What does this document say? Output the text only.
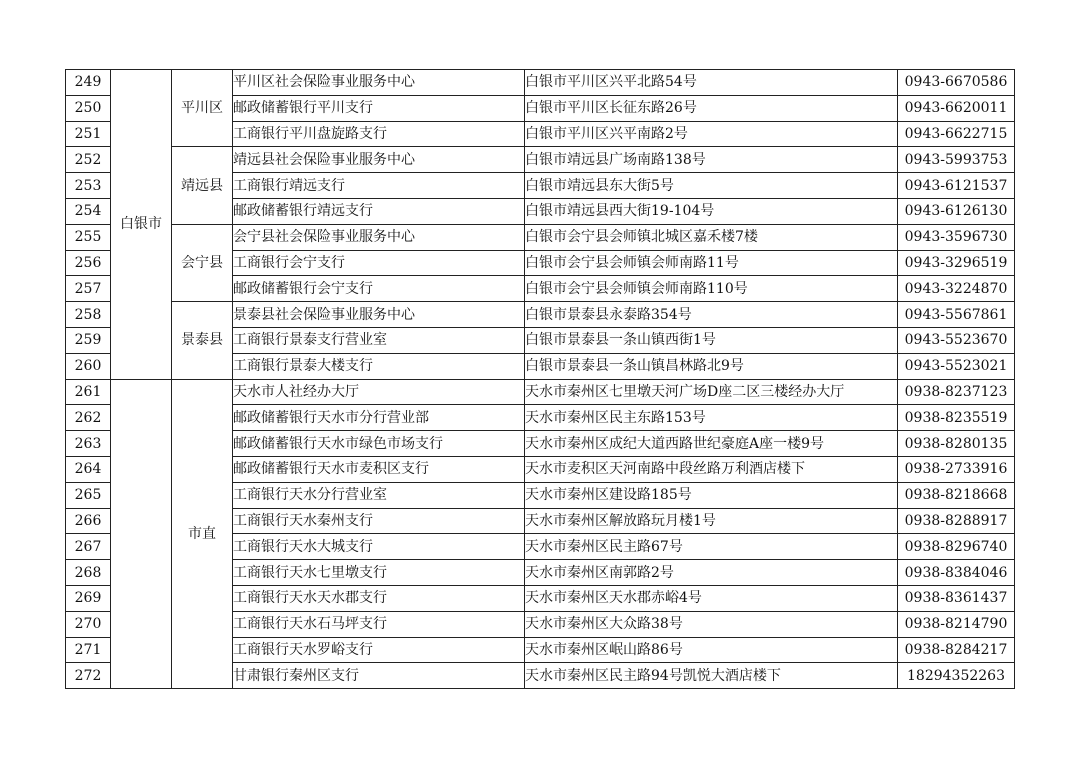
249	白银市	平川区	平川区社会保险事业服务中心	白银市平川区兴平北路54号	0943-6670586
250			邮政储蓄银行平川支行	白银市平川区长征东路26号	0943-6620011
251			工商银行平川盘旋路支行	白银市平川区兴平南路2号	0943-6622715
252		靖远县	靖远县社会保险事业服务中心	白银市靖远县广场南路138号	0943-5993753
253			工商银行靖远支行	白银市靖远县东大街5号	0943-6121537
254			邮政储蓄银行靖远支行	白银市靖远县西大街19-104号	0943-6126130
255		会宁县	会宁县社会保险事业服务中心	白银市会宁县会师镇北城区嘉禾楼7楼	0943-3596730
256			工商银行会宁支行	白银市会宁县会师镇会师南路11号	0943-3296519
257			邮政储蓄银行会宁支行	白银市会宁县会师镇会师南路110号	0943-3224870
258		景泰县	景泰县社会保险事业服务中心	白银市景泰县永泰路354号	0943-5567861
259			工商银行景泰支行营业室	白银市景泰县一条山镇西街1号	0943-5523670
260			工商银行景泰大楼支行	白银市景泰县一条山镇昌林路北9号	0943-5523021
261		市直	天水市人社经办大厅	天水市秦州区七里墩天河广场D座二区三楼经办大厅	0938-8237123
262			邮政储蓄银行天水市分行营业部	天水市秦州区民主东路153号	0938-8235519
263			邮政储蓄银行天水市绿色市场支行	天水市秦州区成纪大道西路世纪豪庭A座一楼9号	0938-8280135
264			邮政储蓄银行天水市麦积区支行	天水市麦积区天河南路中段丝路万利酒店楼下	0938-2733916
265			工商银行天水分行营业室	天水市秦州区建设路185号	0938-8218668
266			工商银行天水秦州支行	天水市秦州区解放路玩月楼1号	0938-8288917
267			工商银行天水大城支行	天水市秦州区民主路67号	0938-8296740
268			工商银行天水七里墩支行	天水市秦州区南郭路2号	0938-8384046
269			工商银行天水天水郡支行	天水市秦州区天水郡赤峪4号	0938-8361437
270			工商银行天水石马坪支行	天水市秦州区大众路38号	0938-8214790
271			工商银行天水罗峪支行	天水市秦州区岷山路86号	0938-8284217
272			甘肃银行秦州区支行	天水市秦州区民主路94号凯悦大酒店楼下	18294352263
